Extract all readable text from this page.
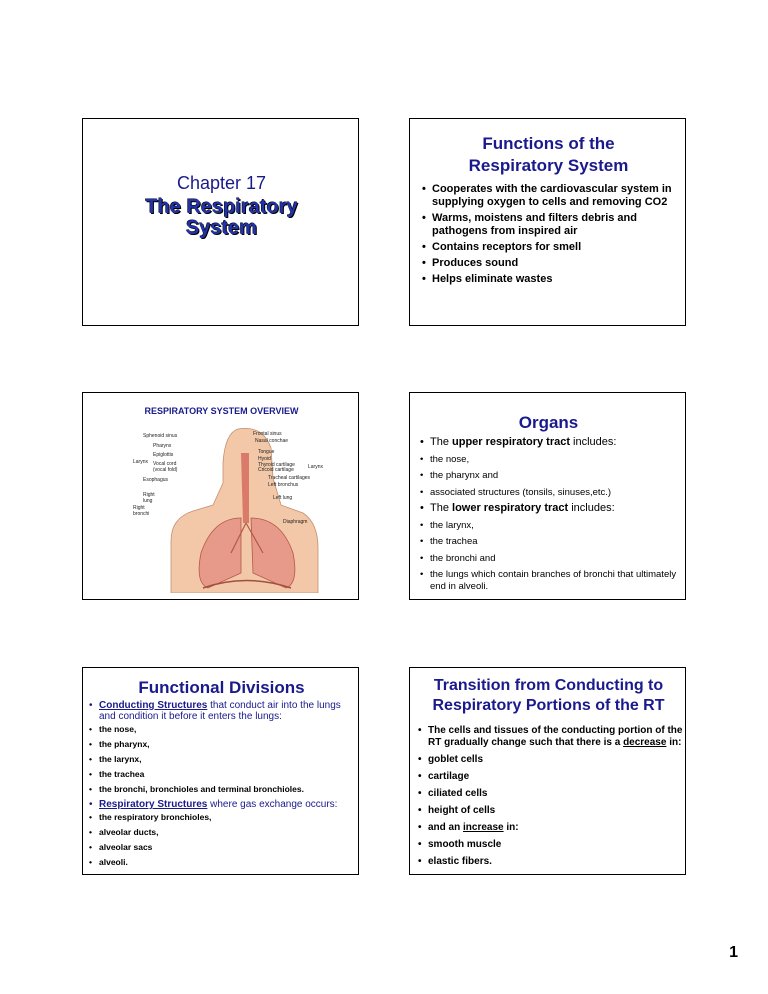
Chapter 17
The Respiratory
System
Functions of the
Respiratory System
• Cooperates with the cardiovascular system in supplying oxygen to cells and removing CO2
• Warms, moistens and filters debris and pathogens from inspired air
• Contains receptors for smell
• Produces sound
• Helps eliminate wastes
RESPIRATORY SYSTEM OVERVIEW
Sphenoid sinus
Pharynx
Epiglottis
Larynx Vocal cord
(vocal fold)
Esophagus
Right
lung
Right
bronchi
Frontal sinus
Nasal conchae
Tongue
Hyoid
Thyroid cartilage
Cricoid cartilage	Larynx
Tracheal cartilages
Left bronchus
Left lung
Diaphragm
Organs
• The upper respiratory tract includes:
• the nose,
• the pharynx and
• associated structures (tonsils, sinuses,etc.)
• The lower respiratory tract includes:
• the larynx,
• the trachea
• the bronchi and
• the lungs which contain branches of bronchi that ultimately end in alveoli.
Functional Divisions
• Conducting Structures that conduct air into the lungs and condition it before it enters the lungs:
• the nose,
• the pharynx,
• the larynx,
• the trachea
• the bronchi, bronchioles and terminal bronchioles.
• Respiratory Structures where gas exchange occurs:
• the respiratory bronchioles,
• alveolar ducts,
• alveolar sacs
• alveoli.
Transition from Conducting to
Respiratory Portions of the RT
• The cells and tissues of the conducting portion of the RT gradually change such that there is a decrease in:
• goblet cells
• cartilage
• ciliated cells
• height of cells
• and an increase in:
• smooth muscle
• elastic fibers.
1
